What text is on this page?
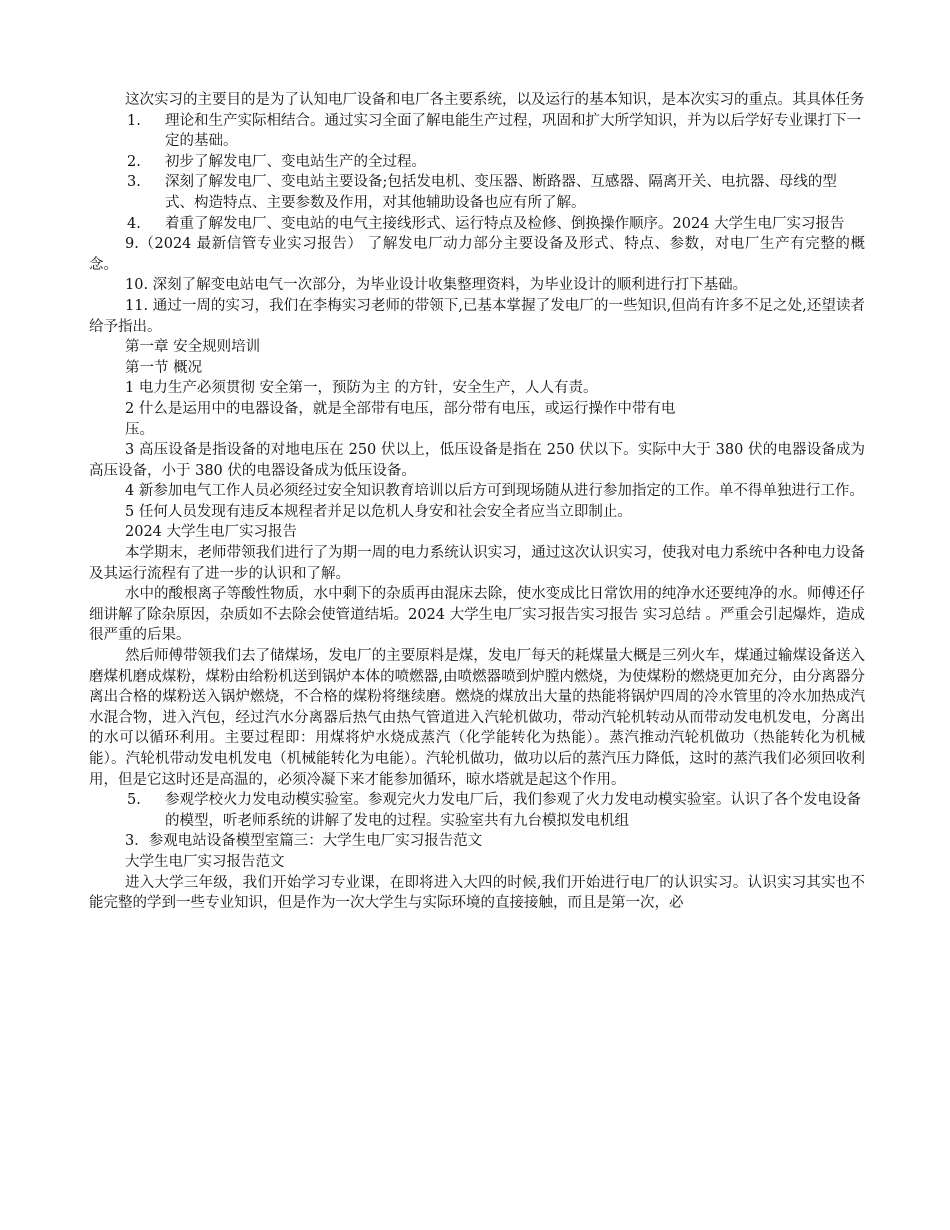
这次实习的主要目的是为了认知电厂设备和电厂各主要系统，以及运行的基本知识，是本次实习的重点。其具体任务

1.	理论和生产实际相结合。通过实习全面了解电能生产过程，巩固和扩大所学知识，并为以后学好专业课打下一定的基础。
2.	初步了解发电厂、变电站生产的全过程。
3.	深刻了解发电厂、变电站主要设备;包括发电机、变压器、断路器、互感器、隔离开关、电抗器、母线的型式、构造特点、主要参数及作用，对其他辅助设备也应有所了解。
4.	着重了解发电厂、变电站的电气主接线形式、运行特点及检修、倒换操作顺序。2024 大学生电厂实习报告

9.（2024 最新信管专业实习报告） 了解发电厂动力部分主要设备及形式、特点、参数，对电厂生产有完整的概念。

10. 深刻了解变电站电气一次部分，为毕业设计收集整理资料，为毕业设计的顺利进行打下基础。

11. 通过一周的实习，我们在李梅实习老师的带领下,已基本掌握了发电厂的一些知识,但尚有许多不足之处,还望读者给予指出。

第一章 安全规则培训

第一节 概况

1 电力生产必须贯彻 安全第一，预防为主 的方针，安全生产，人人有责。

2 什么是运用中的电器设备，就是全部带有电压，部分带有电压，或运行操作中带有电

压。

3 高压设备是指设备的对地电压在 250 伏以上，低压设备是指在 250 伏以下。实际中大于 380 伏的电器设备成为高压设备，小于 380 伏的电器设备成为低压设备。

4 新参加电气工作人员必须经过安全知识教育培训以后方可到现场随从进行参加指定的工作。单不得单独进行工作。

5 任何人员发现有违反本规程者并足以危机人身安和社会安全者应当立即制止。

2024 大学生电厂实习报告

本学期末，老师带领我们进行了为期一周的电力系统认识实习，通过这次认识实习，使我对电力系统中各种电力设备及其运行流程有了进一步的认识和了解。

水中的酸根离子等酸性物质，水中剩下的杂质再由混床去除，使水变成比日常饮用的纯净水还要纯净的水。师傅还仔细讲解了除杂原因，杂质如不去除会使管道结垢。2024 大学生电厂实习报告实习报告 实习总结 。严重会引起爆炸，造成很严重的后果。

然后师傅带领我们去了储煤场，发电厂的主要原料是煤，发电厂每天的耗煤量大概是三列火车，煤通过输煤设备送入磨煤机磨成煤粉，煤粉由给粉机送到锅炉本体的喷燃器,由喷燃器喷到炉膛内燃烧，为使煤粉的燃烧更加充分，由分离器分离出合格的煤粉送入锅炉燃烧，不合格的煤粉将继续磨。燃烧的煤放出大量的热能将锅炉四周的冷水管里的冷水加热成汽水混合物，进入汽包，经过汽水分离器后热气由热气管道进入汽轮机做功，带动汽轮机转动从而带动发电机发电，分离出的水可以循环利用。主要过程即：用煤将炉水烧成蒸汽（化学能转化为热能）。蒸汽推动汽轮机做功（热能转化为机械能）。汽轮机带动发电机发电（机械能转化为电能）。汽轮机做功，做功以后的蒸汽压力降低，这时的蒸汽我们必须回收利用，但是它这时还是高温的，必须冷凝下来才能参加循环，晾水塔就是起这个作用。

5.	参观学校火力发电动模实验室。参观完火力发电厂后，我们参观了火力发电动模实验室。认识了各个发电设备的模型，听老师系统的讲解了发电的过程。实验室共有九台模拟发电机组

3．参观电站设备模型室篇三：大学生电厂实习报告范文

大学生电厂实习报告范文

进入大学三年级，我们开始学习专业课，在即将进入大四的时候,我们开始进行电厂的认识实习。认识实习其实也不能完整的学到一些专业知识，但是作为一次大学生与实际环境的直接接触，而且是第一次，必
